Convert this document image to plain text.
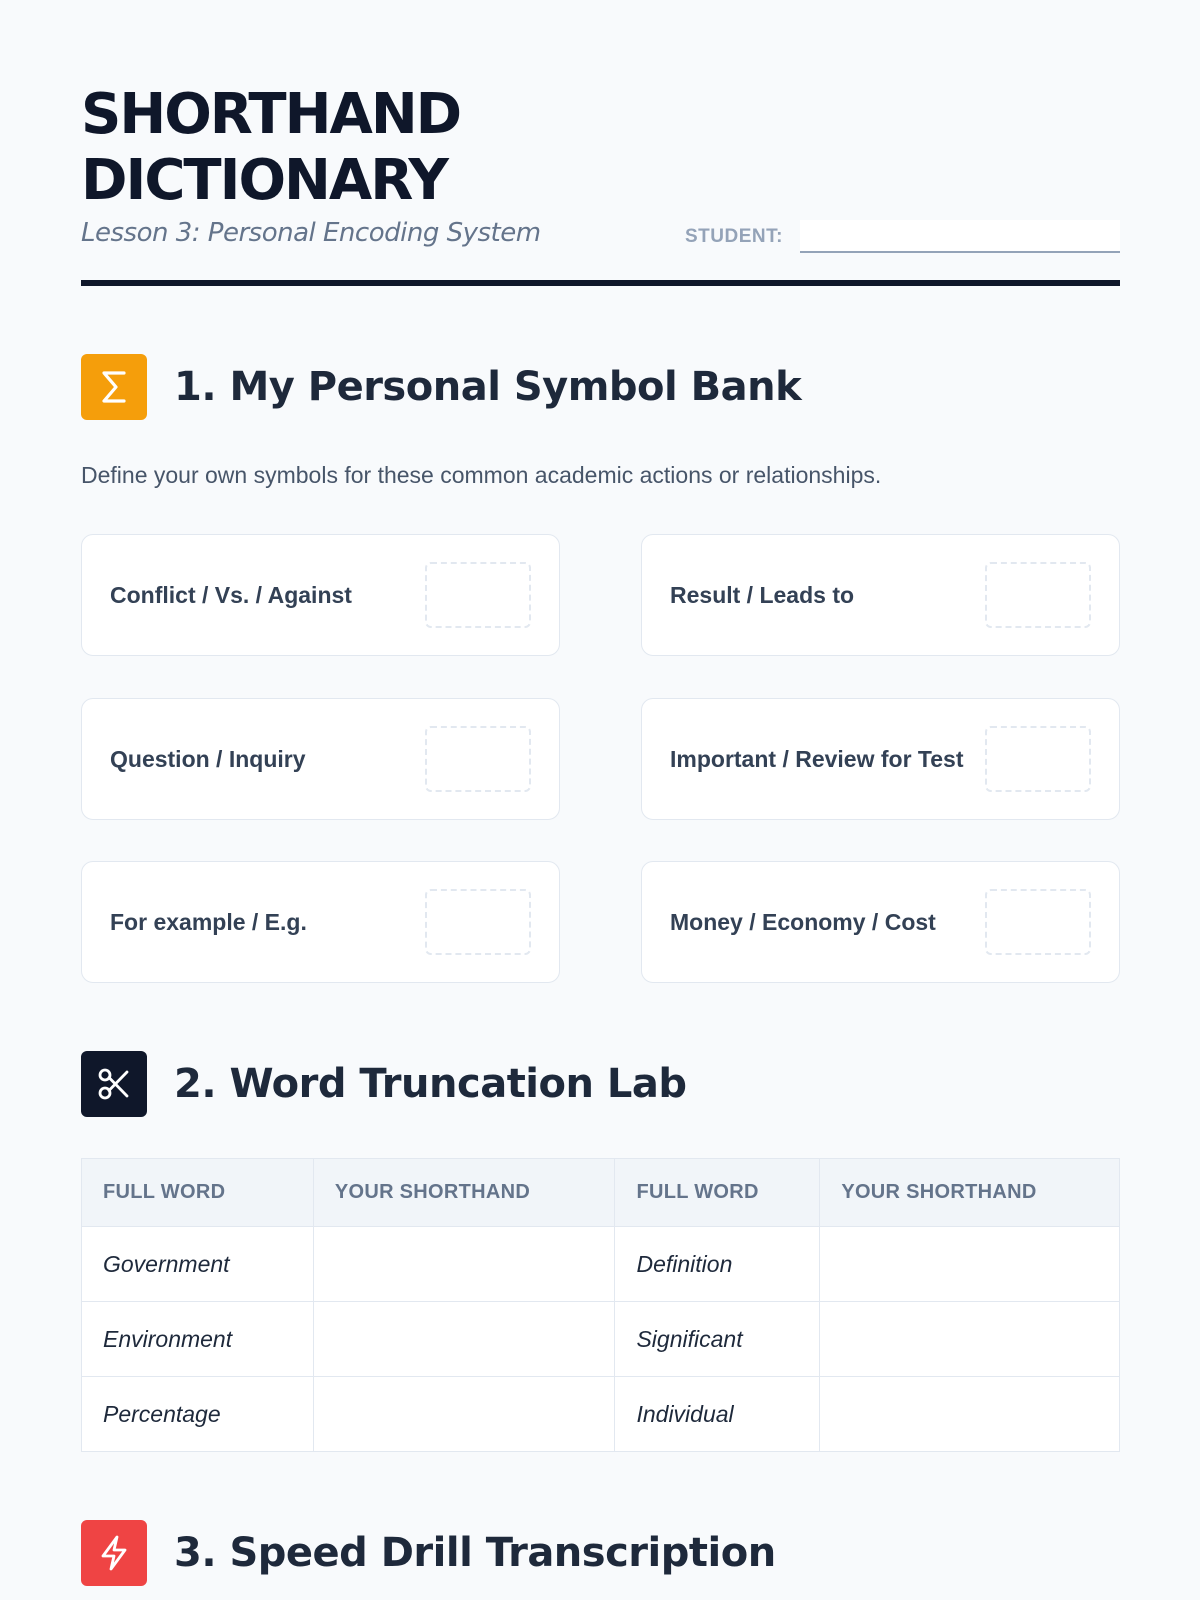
SHORTHAND DICTIONARY
Lesson 3: Personal Encoding System	STUDENT:
1. My Personal Symbol Bank

Define your own symbols for these common academic actions or relationships.

Conflict / Vs. / Against	Result / Leads to
Question / Inquiry	Important / Review for Test
For example / E.g.	Money / Economy / Cost
2. Word Truncation Lab
FULL WORD	YOUR SHORTHAND	FULL WORD	YOUR SHORTHAND
Government		Definition	
Environment		Significant	
Percentage		Individual	
3. Speed Drill Transcription
